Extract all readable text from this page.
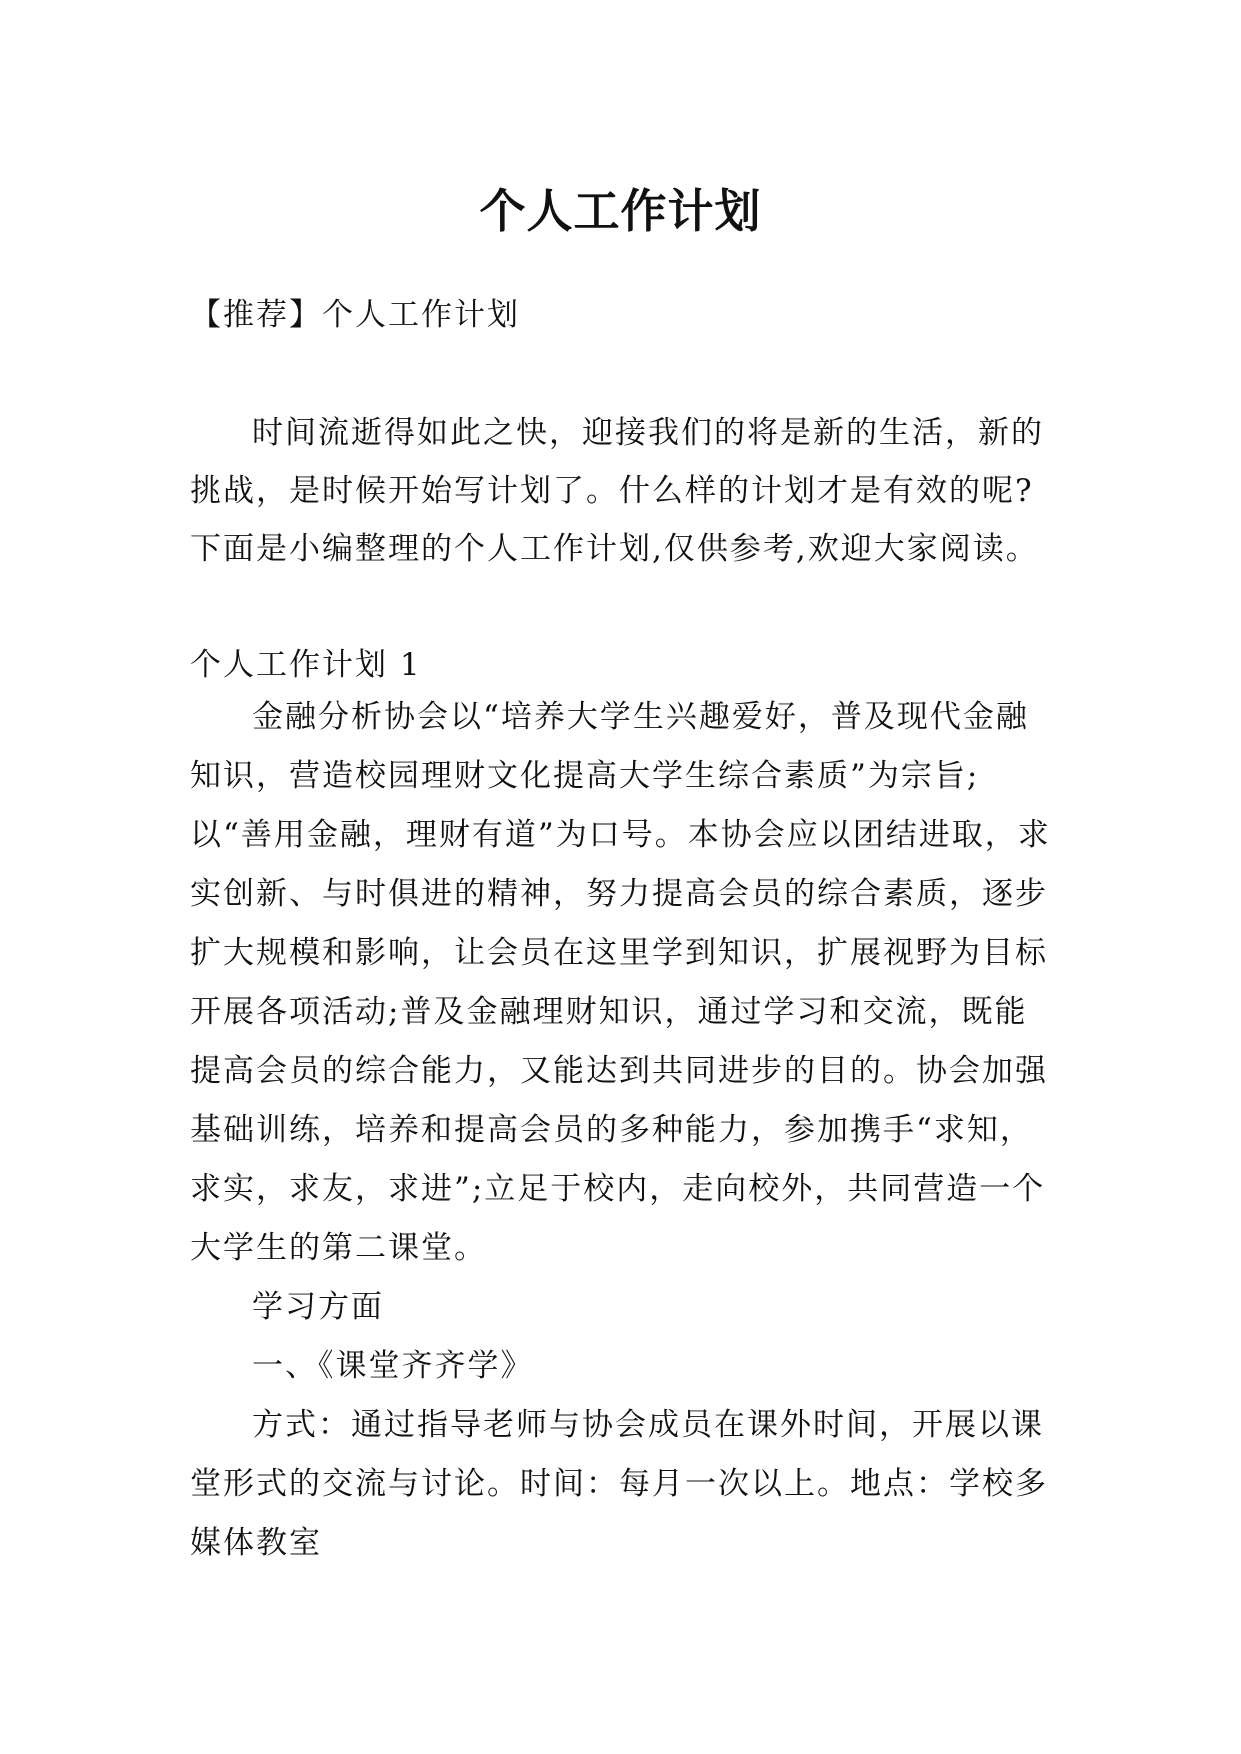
个人工作计划

【推荐】个人工作计划

时间流逝得如此之快，迎接我们的将是新的生活，新的挑战，是时候开始写计划了。什么样的计划才是有效的呢?下面是小编整理的个人工作计划,仅供参考,欢迎大家阅读。

个人工作计划 1

金融分析协会以“培养大学生兴趣爱好，普及现代金融知识，营造校园理财文化提高大学生综合素质”为宗旨;以“善用金融，理财有道”为口号。本协会应以团结进取，求实创新、与时俱进的精神，努力提高会员的综合素质，逐步扩大规模和影响，让会员在这里学到知识，扩展视野为目标开展各项活动;普及金融理财知识，通过学习和交流，既能提高会员的综合能力，又能达到共同进步的目的。协会加强基础训练，培养和提高会员的多种能力，参加携手“求知，求实，求友，求进”;立足于校内，走向校外，共同营造一个大学生的第二课堂。

学习方面

一、《课堂齐齐学》

方式：通过指导老师与协会成员在课外时间，开展以课堂形式的交流与讨论。时间：每月一次以上。地点：学校多媒体教室
